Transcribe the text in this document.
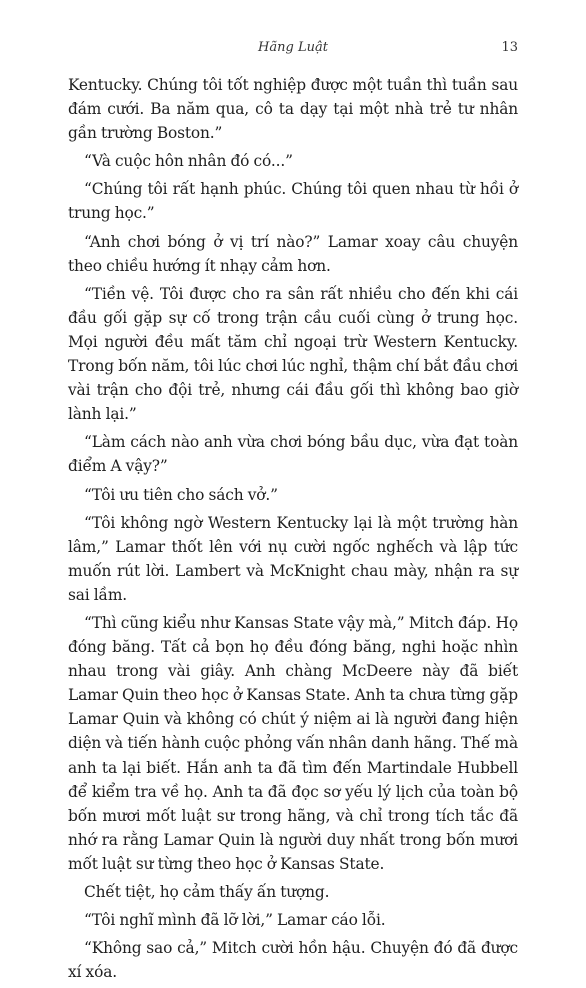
Hãng Luật	13

Kentucky. Chúng tôi tốt nghiệp được một tuần thì tuần sau đám cưới. Ba năm qua, cô ta dạy tại một nhà trẻ tư nhân gần trường Boston.”

“Và cuộc hôn nhân đó có...”

“Chúng tôi rất hạnh phúc. Chúng tôi quen nhau từ hồi ở trung học.”

“Anh chơi bóng ở vị trí nào?” Lamar xoay câu chuyện theo chiều hướng ít nhạy cảm hơn.

“Tiền vệ. Tôi được cho ra sân rất nhiều cho đến khi cái đầu gối gặp sự cố trong trận cầu cuối cùng ở trung học. Mọi người đều mất tăm chỉ ngoại trừ Western Kentucky. Trong bốn năm, tôi lúc chơi lúc nghỉ, thậm chí bắt đầu chơi vài trận cho đội trẻ, nhưng cái đầu gối thì không bao giờ lành lại.”

“Làm cách nào anh vừa chơi bóng bầu dục, vừa đạt toàn điểm A vậy?”

“Tôi ưu tiên cho sách vở.”

“Tôi không ngờ Western Kentucky lại là một trường hàn lâm,” Lamar thốt lên với nụ cười ngốc nghếch và lập tức muốn rút lời. Lambert và McKnight chau mày, nhận ra sự sai lầm.

“Thì cũng kiểu như Kansas State vậy mà,” Mitch đáp. Họ đóng băng. Tất cả bọn họ đều đóng băng, nghi hoặc nhìn nhau trong vài giây. Anh chàng McDeere này đã biết Lamar Quin theo học ở Kansas State. Anh ta chưa từng gặp Lamar Quin và không có chút ý niệm ai là người đang hiện diện và tiến hành cuộc phỏng vấn nhân danh hãng. Thế mà anh ta lại biết. Hắn anh ta đã tìm đến Martindale Hubbell để kiểm tra về họ. Anh ta đã đọc sơ yếu lý lịch của toàn bộ bốn mươi mốt luật sư trong hãng, và chỉ trong tích tắc đã nhớ ra rằng Lamar Quin là người duy nhất trong bốn mươi mốt luật sư từng theo học ở Kansas State.

Chết tiệt, họ cảm thấy ấn tượng.

“Tôi nghĩ mình đã lỡ lời,” Lamar cáo lỗi.

“Không sao cả,” Mitch cười hồn hậu. Chuyện đó đã được xí xóa.
